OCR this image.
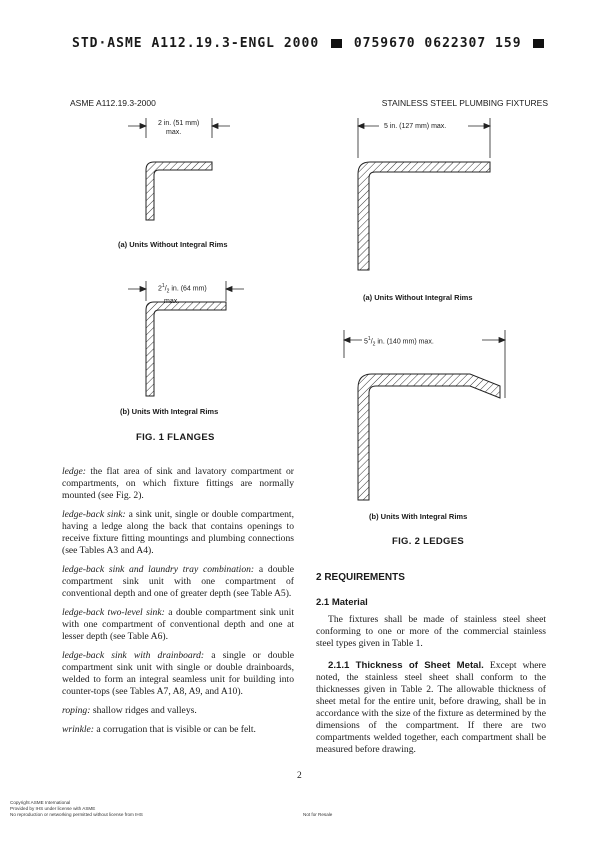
STD·ASME A112.19.3-ENGL 2000	0759670 0622307 159
ASME A112.19.3-2000	STAINLESS STEEL PLUMBING FIXTURES
2 in. (51 mm)
max.
(a) Units Without Integral Rims
$2^1/_2$ in. (64 mm)
max.
(b) Units With Integral Rims
FIG. 1 FLANGES
5 in. (127 mm) max.
(a) Units Without Integral Rims
$5^1/_2$ in. (140 mm) max.
(b) Units With Integral Rims
FIG. 2 LEDGES

ledge: the flat area of sink and lavatory compartment or compartments, on which fixture fittings are normally mounted (see Fig. 2).

ledge-back sink: a sink unit, single or double compartment, having a ledge along the back that contains openings to receive fixture fitting mountings and plumbing connections (see Tables A3 and A4).

ledge-back sink and laundry tray combination: a double compartment sink unit with one compartment of conventional depth and one of greater depth (see Table A5).

ledge-back two-level sink: a double compartment sink unit with one compartment of conventional depth and one at lesser depth (see Table A6).

ledge-back sink with drainboard: a single or double compartment sink unit with single or double drainboards, welded to form an integral seamless unit for building into counter-tops (see Tables A7, A8, A9, and A10).

roping: shallow ridges and valleys.

wrinkle: a corrugation that is visible or can be felt.

2 REQUIREMENTS
2.1 Material

The fixtures shall be made of stainless steel sheet conforming to one or more of the commercial stainless steel types given in Table 1.

2.1.1 Thickness of Sheet Metal. Except where noted, the stainless steel sheet shall conform to the thicknesses given in Table 2. The allowable thickness of sheet metal for the entire unit, before drawing, shall be in accordance with the size of the fixture as determined by the dimensions of the compartment. If there are two compartments welded together, each compartment shall be measured before drawing.

2
Copyright ASME International
Provided by IHS under license with ASME
No reproduction or networking permitted without license from IHS	Not for Resale
